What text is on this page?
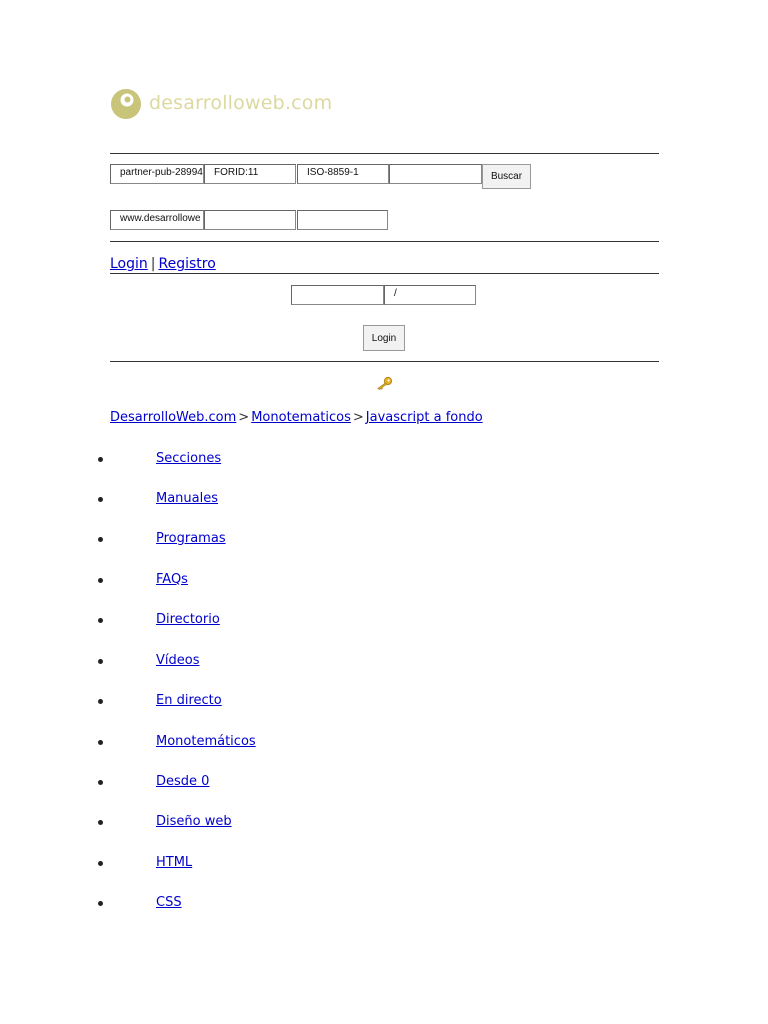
desarrolloweb.com
partner-pub-28994	FORID:11	ISO-8859-1	Buscar
www.desarrollowe
Login | Registro
/
Login
DesarrolloWeb.com > Monotematicos > Javascript a fondo
Secciones
Manuales
Programas
FAQs
Directorio
Vídeos
En directo
Monotemáticos
Desde 0
Diseño web
HTML
CSS
